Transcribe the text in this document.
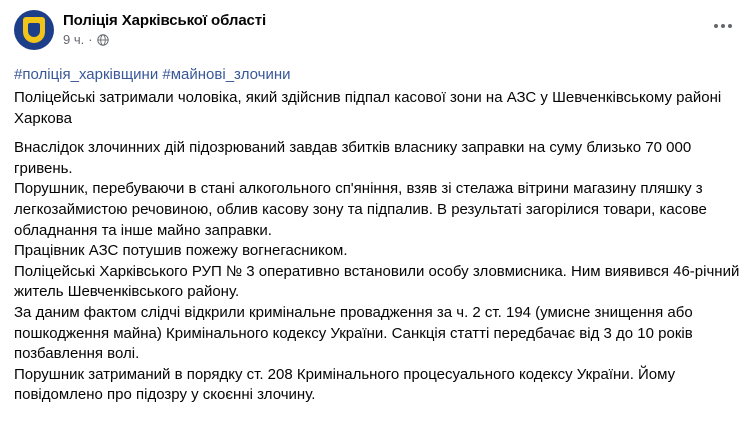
Поліція Харківської області
9 ч. ·
#поліція_харківщини #майнові_злочини

Поліцейські затримали чоловіка, який здійснив підпал касової зони на АЗС у Шевченківському районі Харкова

Внаслідок злочинних дій підозрюваний завдав збитків власнику заправки на суму близько 70 000 гривень.

Порушник, перебуваючи в стані алкогольного сп'яніння, взяв зі стелажа вітрини магазину пляшку з легкозаймистою речовиною, облив касову зону та підпалив. В результаті загорілися товари, касове обладнання та інше майно заправки.

Працівник АЗС потушив пожежу вогнегасником.

Поліцейські Харківського РУП № 3 оперативно встановили особу зловмисника. Ним виявився 46-річний житель Шевченківського району.

За даним фактом слідчі відкрили кримінальне провадження за ч. 2 ст. 194 (умисне знищення або пошкодження майна) Кримінального кодексу України. Санкція статті передбачає від 3 до 10 років позбавлення волі.

Порушник затриманий в порядку ст. 208 Кримінального процесуального кодексу України. Йому повідомлено про підозру у скоєнні злочину.
